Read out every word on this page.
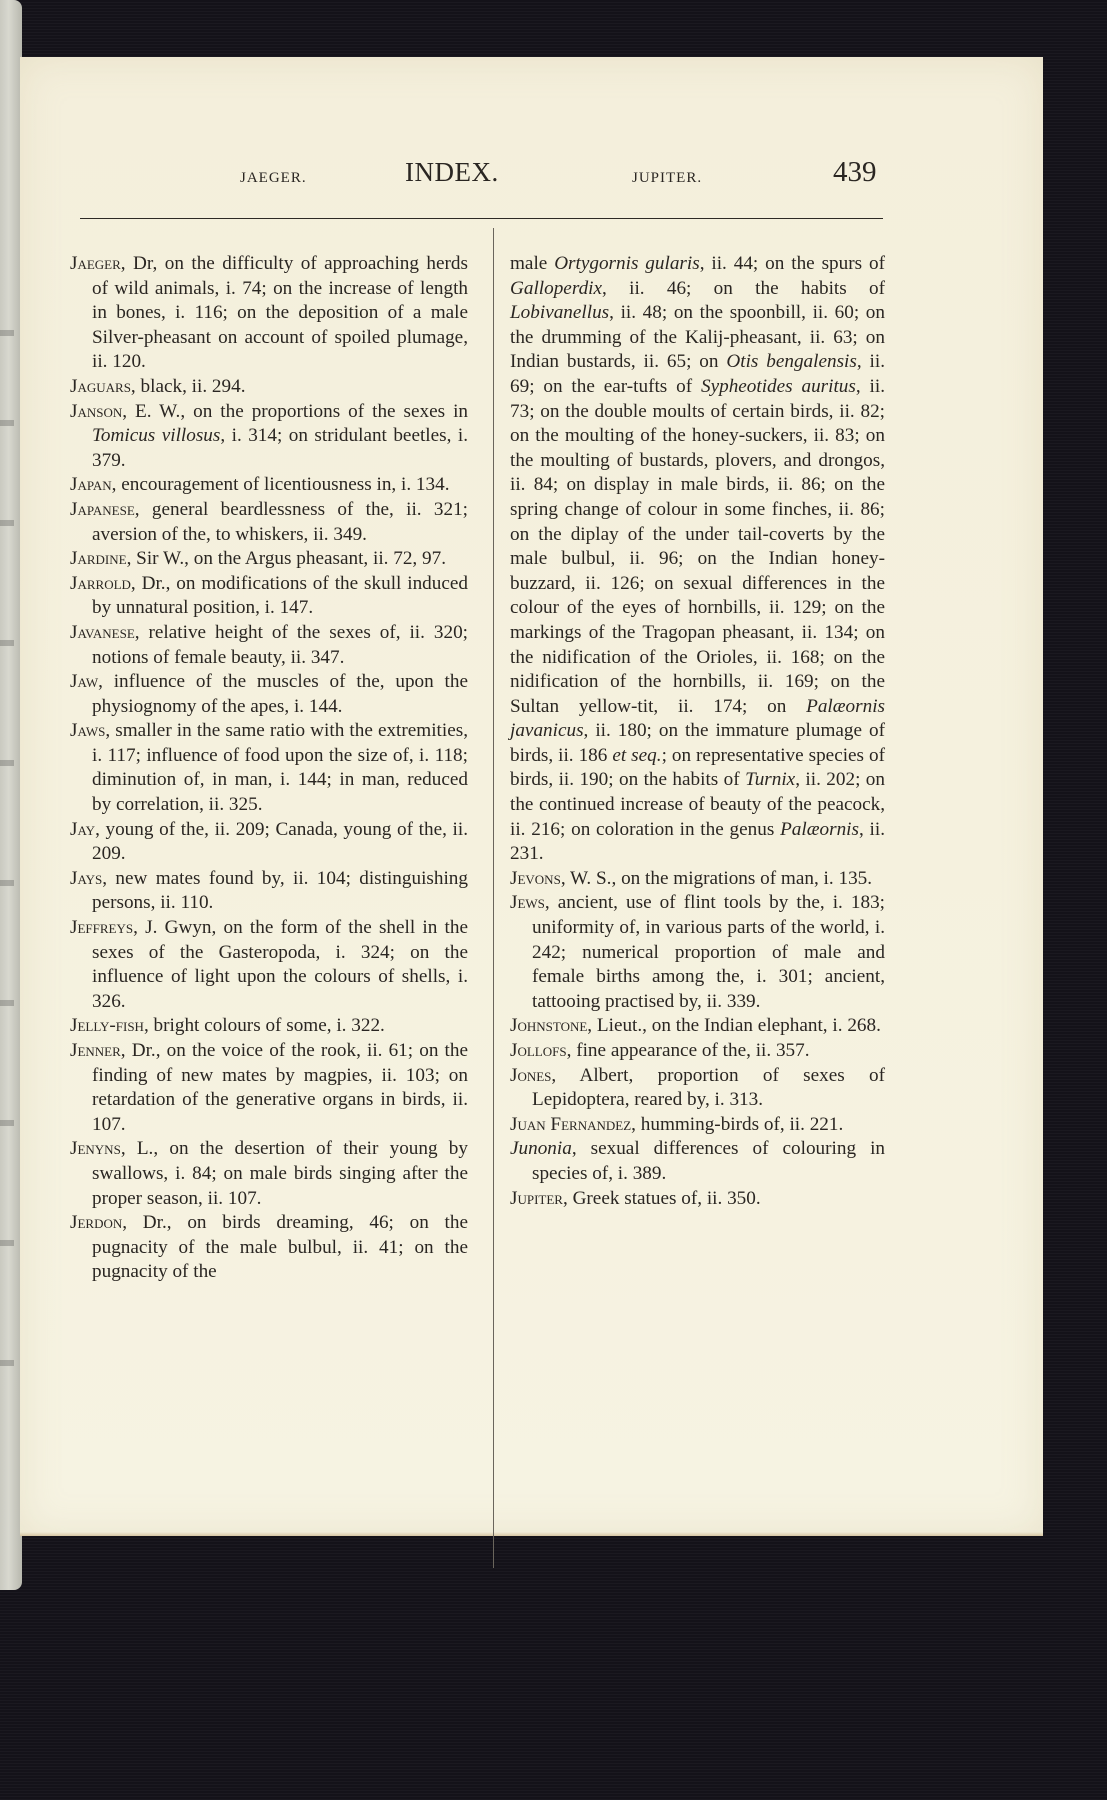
JAEGER.	INDEX.	JUPITER.	439

Jaeger, Dr, on the difficulty of approaching herds of wild animals, i. 74; on the increase of length in bones, i. 116; on the deposition of a male Silver-pheasant on account of spoiled plumage, ii. 120.

Jaguars, black, ii. 294.

Janson, E. W., on the proportions of the sexes in Tomicus villosus, i. 314; on stridulant beetles, i. 379.

Japan, encouragement of licentiousness in, i. 134.

Japanese, general beardlessness of the, ii. 321; aversion of the, to whiskers, ii. 349.

Jardine, Sir W., on the Argus pheasant, ii. 72, 97.

Jarrold, Dr., on modifications of the skull induced by unnatural position, i. 147.

Javanese, relative height of the sexes of, ii. 320; notions of female beauty, ii. 347.

Jaw, influence of the muscles of the, upon the physiognomy of the apes, i. 144.

Jaws, smaller in the same ratio with the extremities, i. 117; influence of food upon the size of, i. 118; diminution of, in man, i. 144; in man, reduced by correlation, ii. 325.

Jay, young of the, ii. 209; Canada, young of the, ii. 209.

Jays, new mates found by, ii. 104; distinguishing persons, ii. 110.

Jeffreys, J. Gwyn, on the form of the shell in the sexes of the Gasteropoda, i. 324; on the influence of light upon the colours of shells, i. 326.

Jelly-fish, bright colours of some, i. 322.

Jenner, Dr., on the voice of the rook, ii. 61; on the finding of new mates by magpies, ii. 103; on retardation of the generative organs in birds, ii. 107.

Jenyns, L., on the desertion of their young by swallows, i. 84; on male birds singing after the proper season, ii. 107.

Jerdon, Dr., on birds dreaming, 46; on the pugnacity of the male bulbul, ii. 41; on the pugnacity of the

male Ortygornis gularis, ii. 44; on the spurs of Galloperdix, ii. 46; on the habits of Lobivanellus, ii. 48; on the spoonbill, ii. 60; on the drumming of the Kalij-pheasant, ii. 63; on Indian bustards, ii. 65; on Otis bengalensis, ii. 69; on the ear-tufts of Sypheotides auritus, ii. 73; on the double moults of certain birds, ii. 82; on the moulting of the honey-suckers, ii. 83; on the moulting of bustards, plovers, and drongos, ii. 84; on display in male birds, ii. 86; on the spring change of colour in some finches, ii. 86; on the diplay of the under tail-coverts by the male bulbul, ii. 96; on the Indian honey-buzzard, ii. 126; on sexual differences in the colour of the eyes of hornbills, ii. 129; on the markings of the Tragopan pheasant, ii. 134; on the nidification of the Orioles, ii. 168; on the nidification of the hornbills, ii. 169; on the Sultan yellow-tit, ii. 174; on Palæornis javanicus, ii. 180; on the immature plumage of birds, ii. 186 et seq.; on representative species of birds, ii. 190; on the habits of Turnix, ii. 202; on the continued increase of beauty of the peacock, ii. 216; on coloration in the genus Palæornis, ii. 231.

Jevons, W. S., on the migrations of man, i. 135.

Jews, ancient, use of flint tools by the, i. 183; uniformity of, in various parts of the world, i. 242; numerical proportion of male and female births among the, i. 301; ancient, tattooing practised by, ii. 339.

Johnstone, Lieut., on the Indian elephant, i. 268.

Jollofs, fine appearance of the, ii. 357.

Jones, Albert, proportion of sexes of Lepidoptera, reared by, i. 313.

Juan Fernandez, humming-birds of, ii. 221.

Junonia, sexual differences of colouring in species of, i. 389.

Jupiter, Greek statues of, ii. 350.
